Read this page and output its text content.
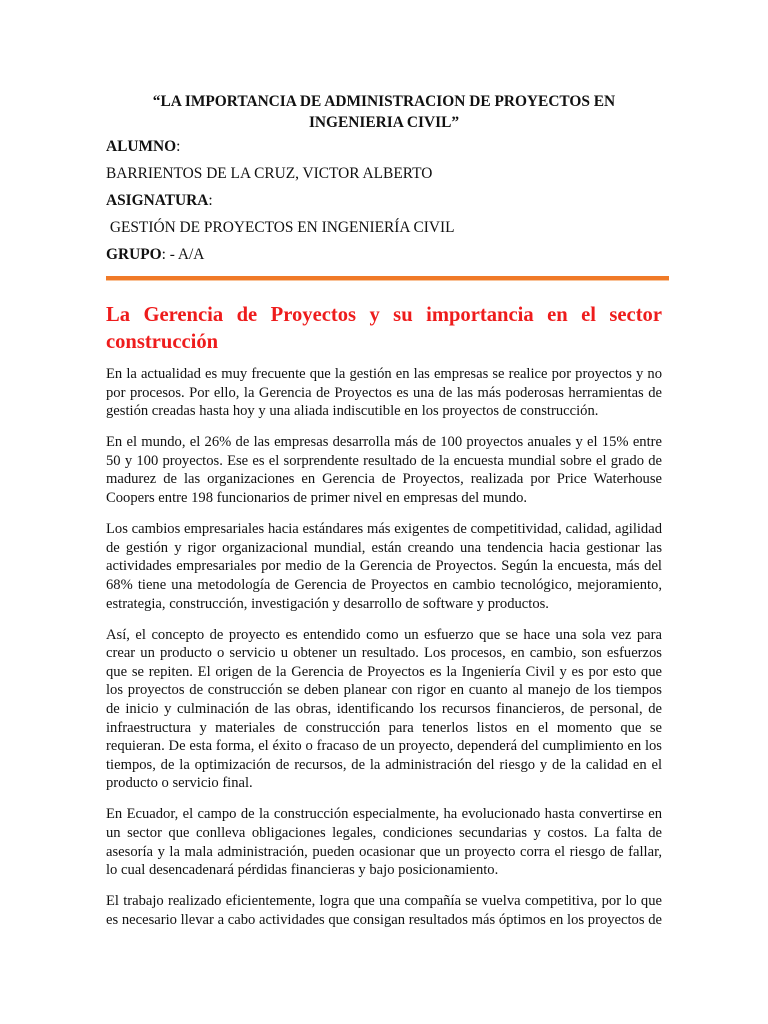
“LA IMPORTANCIA DE ADMINISTRACION DE PROYECTOS EN INGENIERIA CIVIL”

ALUMNO:

BARRIENTOS DE LA CRUZ, VICTOR ALBERTO

ASIGNATURA:

GESTIÓN DE PROYECTOS EN INGENIERÍA CIVIL

GRUPO: - A/A

La Gerencia de Proyectos y su importancia en el sector construcción

En la actualidad es muy frecuente que la gestión en las empresas se realice por proyectos y no por procesos. Por ello, la Gerencia de Proyectos es una de las más poderosas herramientas de gestión creadas hasta hoy y una aliada indiscutible en los proyectos de construcción.

En el mundo, el 26% de las empresas desarrolla más de 100 proyectos anuales y el 15% entre 50 y 100 proyectos. Ese es el sorprendente resultado de la encuesta mundial sobre el grado de madurez de las organizaciones en Gerencia de Proyectos, realizada por Price Waterhouse Coopers entre 198 funcionarios de primer nivel en empresas del mundo.

Los cambios empresariales hacia estándares más exigentes de competitividad, calidad, agilidad de gestión y rigor organizacional mundial, están creando una tendencia hacia gestionar las actividades empresariales por medio de la Gerencia de Proyectos. Según la encuesta, más del 68% tiene una metodología de Gerencia de Proyectos en cambio tecnológico, mejoramiento, estrategia, construcción, investigación y desarrollo de software y productos.

Así, el concepto de proyecto es entendido como un esfuerzo que se hace una sola vez para crear un producto o servicio u obtener un resultado. Los procesos, en cambio, son esfuerzos que se repiten. El origen de la Gerencia de Proyectos es la Ingeniería Civil y es por esto que los proyectos de construcción se deben planear con rigor en cuanto al manejo de los tiempos de inicio y culminación de las obras, identificando los recursos financieros, de personal, de infraestructura y materiales de construcción para tenerlos listos en el momento que se requieran. De esta forma, el éxito o fracaso de un proyecto, dependerá del cumplimiento en los tiempos, de la optimización de recursos, de la administración del riesgo y de la calidad en el producto o servicio final.

En Ecuador, el campo de la construcción especialmente, ha evolucionado hasta convertirse en un sector que conlleva obligaciones legales, condiciones secundarias y costos. La falta de asesoría y la mala administración, pueden ocasionar que un proyecto corra el riesgo de fallar, lo cual desencadenará pérdidas financieras y bajo posicionamiento.

El trabajo realizado eficientemente, logra que una compañía se vuelva competitiva, por lo que es necesario llevar a cabo actividades que consigan resultados más óptimos en los proyectos de
